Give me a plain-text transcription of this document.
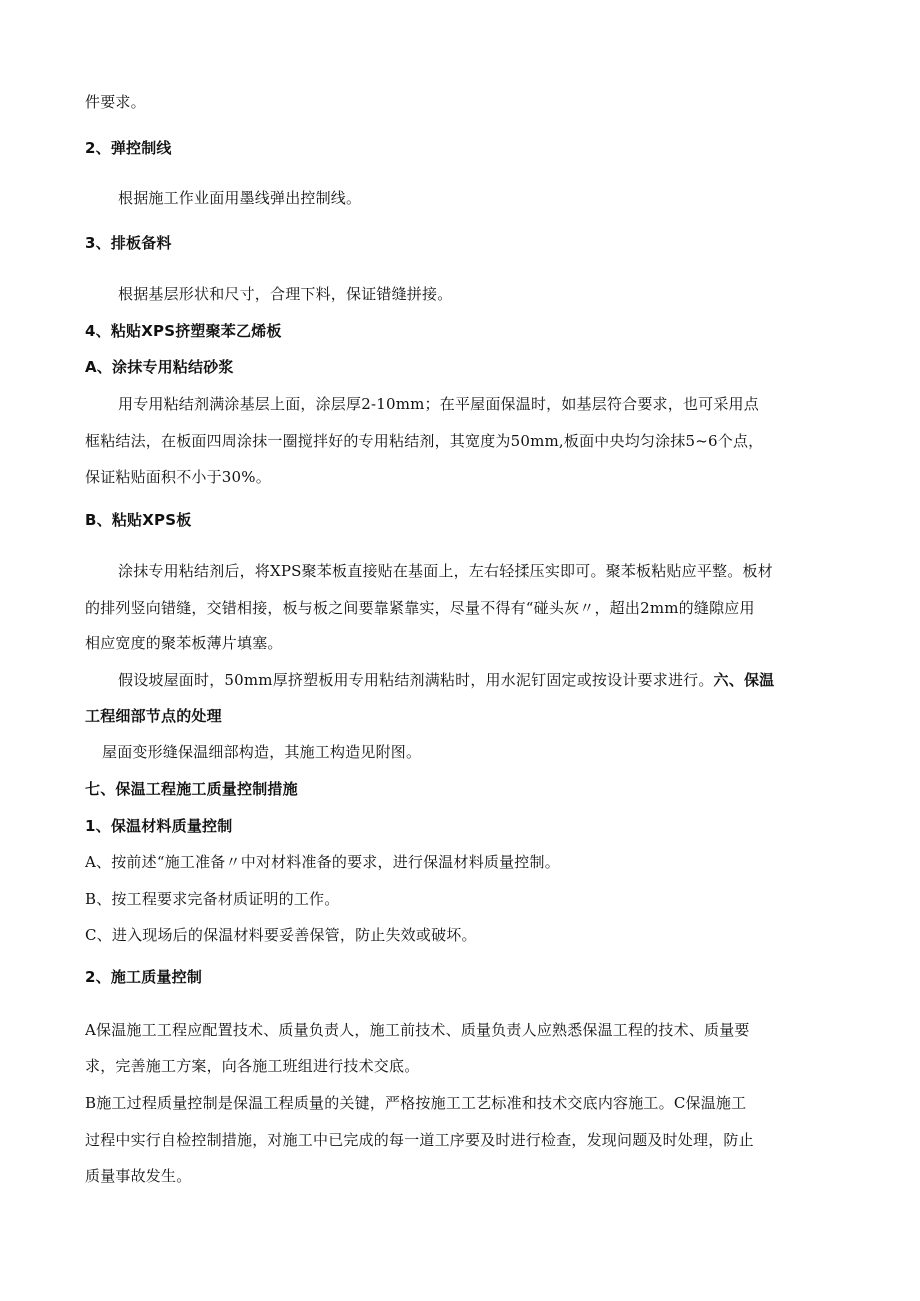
件要求。
2、弹控制线
根据施工作业面用墨线弹出控制线。
3、排板备料
根据基层形状和尺寸，合理下料，保证错缝拼接。
4、粘贴XPS挤塑聚苯乙烯板
A、涂抹专用粘结砂浆
用专用粘结剂满涂基层上面，涂层厚2-10mm；在平屋面保温时，如基层符合要求，也可采用点
框粘结法，在板面四周涂抹一圈搅拌好的专用粘结剂，其宽度为50mm,板面中央均匀涂抹5~6个点，
保证粘贴面积不小于30%。
B、粘贴XPS板
涂抹专用粘结剂后，将XPS聚苯板直接贴在基面上，左右轻揉压实即可。聚苯板粘贴应平整。板材
的排列竖向错缝，交错相接，板与板之间要靠紧靠实，尽量不得有“碰头灰〃，超出2mm的缝隙应用
相应宽度的聚苯板薄片填塞。
假设坡屋面时，50mm厚挤塑板用专用粘结剂满粘时，用水泥钉固定或按设计要求进行。六、保温
工程细部节点的处理
屋面变形缝保温细部构造，其施工构造见附图。
七、保温工程施工质量控制措施
1、保温材料质量控制
A、按前述“施工准备〃中对材料准备的要求，进行保温材料质量控制。
B、按工程要求完备材质证明的工作。
C、进入现场后的保温材料要妥善保管，防止失效或破坏。
2、施工质量控制
A保温施工工程应配置技术、质量负责人，施工前技术、质量负责人应熟悉保温工程的技术、质量要
求，完善施工方案，向各施工班组进行技术交底。
B施工过程质量控制是保温工程质量的关键，严格按施工工艺标准和技术交底内容施工。C保温施工
过程中实行自检控制措施，对施工中已完成的每一道工序要及时进行检查，发现问题及时处理，防止
质量事故发生。
